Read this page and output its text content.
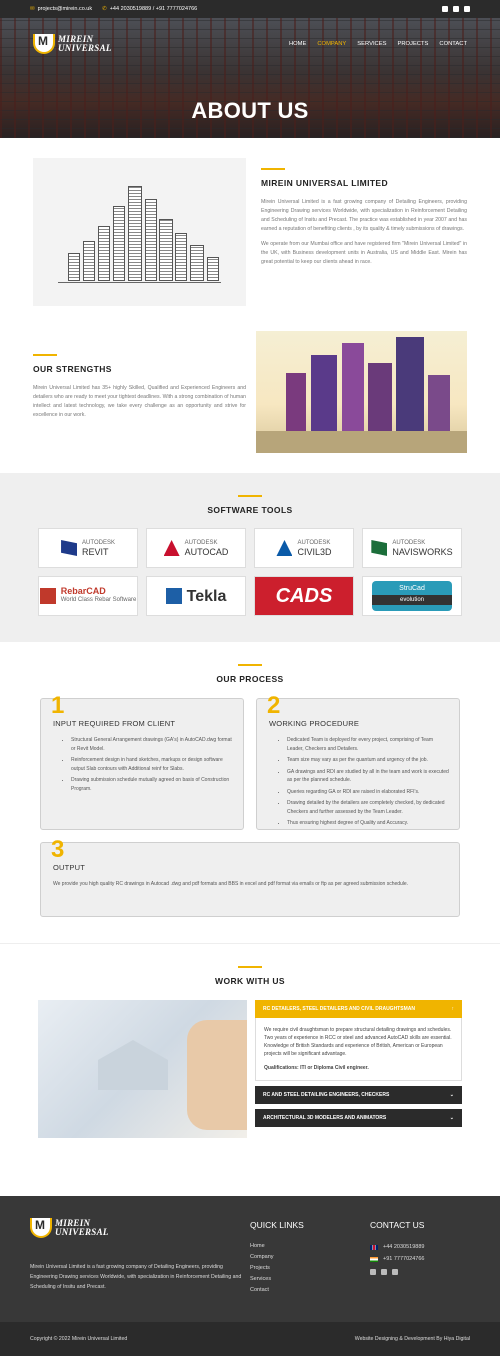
✉ projects@mirein.co.uk ✆ +44 2030519889 / +91 7777024766
M
MIREIN
UNIVERSAL	HOME COMPANY SERVICES PROJECTS CONTACT
ABOUT US
MIREIN UNIVERSAL LIMITED

Mirein Universal Limited is a fast growing company of Detailing Engineers, providing Engineering Drawing services Worldwide, with specialization in Reinforcement Detailing and Scheduling of Insitu and Precast. The practice was established in year 2007 and has earned a reputation of benefiting clients , by its quality & timely submissions of drawings.

We operate from our Mumbai office and have registered firm "Mirein Universal Limited" in the UK, with Business development units in Australia, US and Middle East. Mirein has great potential to keep our clients ahead in race.

OUR STRENGTHS

Mirein Universal Limited has 35+ highly Skilled, Qualified and Experienced Engineers and detailers who are ready to meet your tightest deadlines. With a strong combination of human intellect and latest technology, we take every challenge as an opportunity and strive for excellence in our work.

SOFTWARE TOOLS
AUTODESK
REVIT
AUTODESK
AUTOCAD
AUTODESK
CIVIL3D
AUTODESK
NAVISWORKS
RebarCAD
World Class Rebar Software	Tekla CADS	StruCad
evolution
OUR PROCESS
1
INPUT REQUIRED FROM CLIENT
• Structural General Arrangement drawings (GA's) in AutoCAD.dwg format or Revit Model.
• Reinforcement design in hand sketches, markups or design software output Slab contours with Additional reinf for Slabs.
• Drawing submission schedule mutually agreed on basis of Construction Program.
2
WORKING PROCEDURE
• Dedicated Team is deployed for every project, comprising of Team Leader, Checkers and Detailers.
• Team size may vary as per the quantum and urgency of the job.
• GA drawings and RDI are studied by all in the team and work is executed as per the planned schedule.
• Queries regarding GA or RDI are raised in elaborated RFI's.
• Drawing detailed by the detailers are completely checked, by dedicated Checkers and further assessed by the Team Leader.
• Thus ensuring highest degree of Quality and Accuracy.
3
OUTPUT

We provide you high quality RC drawings in Autocad .dwg and pdf formats and BBS in excel and pdf format via emails or ftp as per agreed submission schedule.

WORK WITH US
RC DETAILERS, STEEL DETAILERS AND CIVIL DRAUGHTSMAN	↑
We require civil draughtsman to prepare structural detailing drawings and schedules. Two years of experience in RCC or steel and advanced AutoCAD skills are essential. Knowledge of British Standards and experience of British, American or European projects will be significant advantage.
Qualifications: ITI or Diploma Civil engineer.
RC AND STEEL DETAILING ENGINEERS, CHECKERS	⌄
ARCHITECTURAL 3D MODELERS AND ANIMATORS	⌄
M
MIREIN
UNIVERSAL

Mirein Universal Limited is a fast growing company of Detailing Engineers, providing Engineering Drawing services Worldwide, with specialization in Reinforcement Detailing and Scheduling of Insitu and Precast.

QUICK LINKS
Home
Company
Projects
Services
Contact
CONTACT US
+44 2030519889
+91 7777024766
Copyright © 2022 Mirein Universal Limited	Website Designing & Development By Hiya Digital
